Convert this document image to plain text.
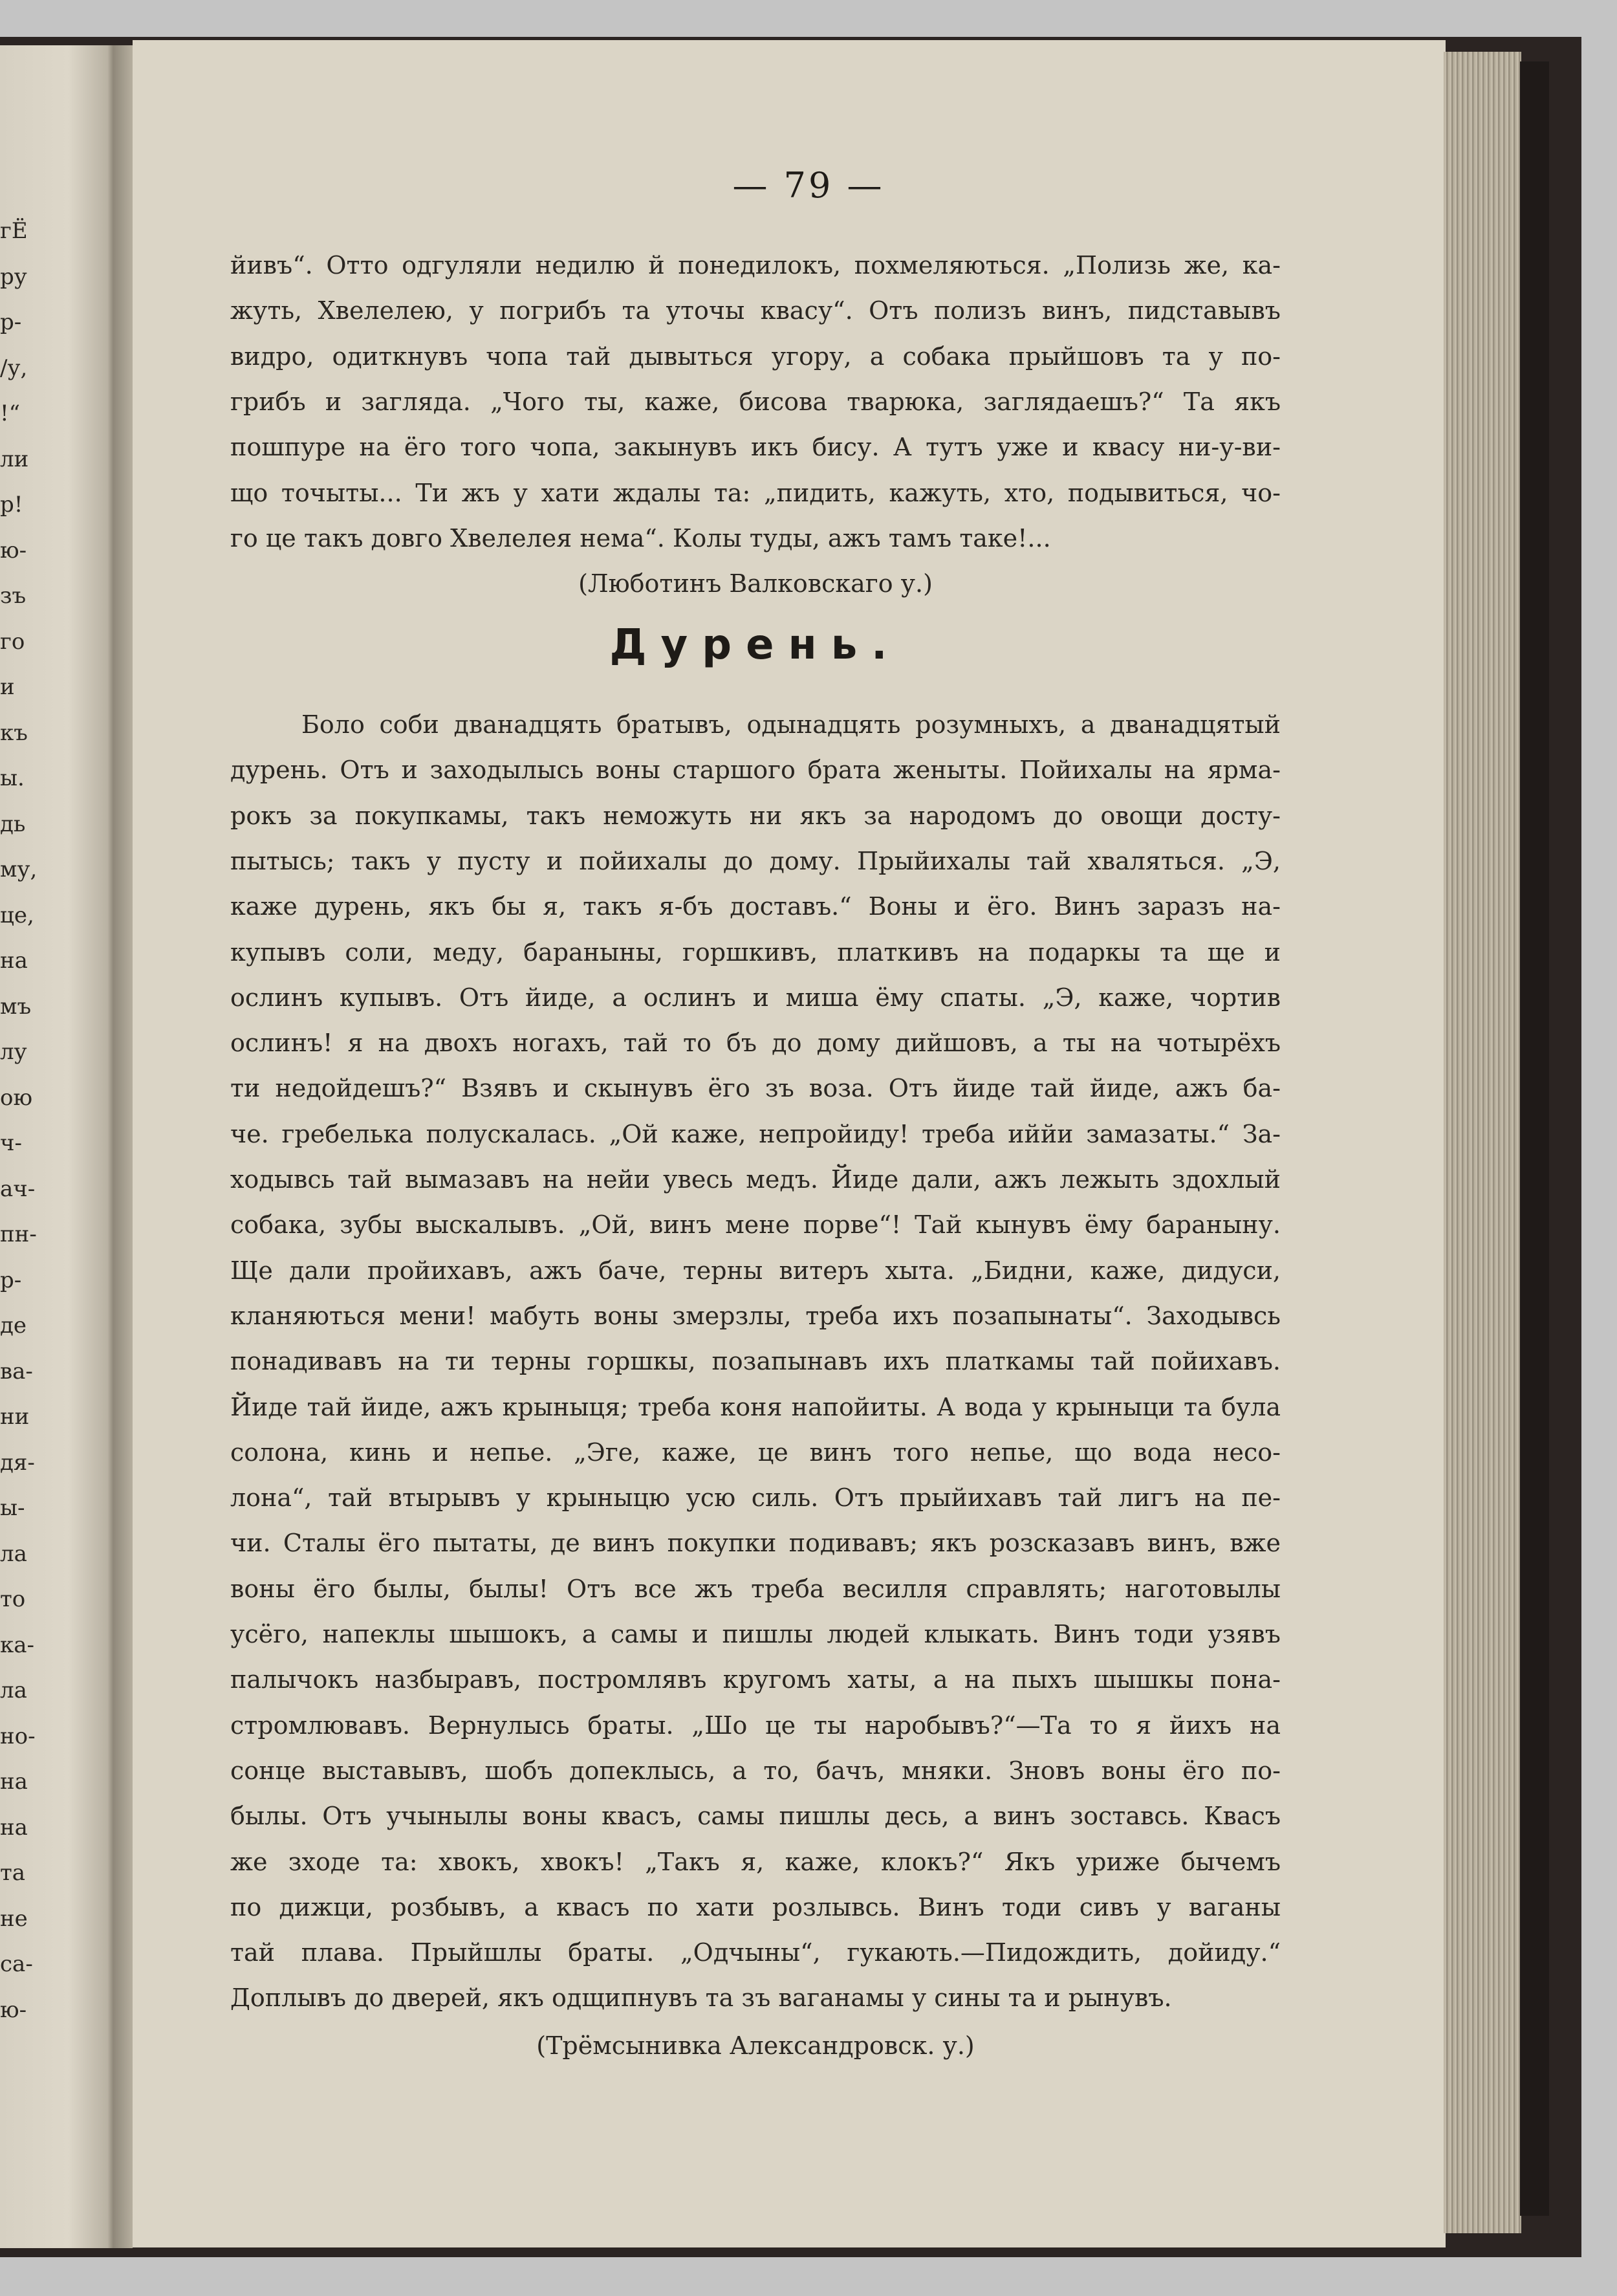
гЁ
ру
р-
/у,
!“
ли
р!
ю-
зъ
го
и
къ
ы.
дь
му,
це,
на
мъ
лу
ою
ч-
ач-
пн-
р-
де
ва-
ни
дя-
ы-
ла
то
ка-
ла
но-
на
на
та
не
са-
ю-
— 79 —
йивъ“. Отто одгуляли недилю й понедилокъ, похмеляються. „Полизь же, ка-
жуть, Хвелелею, у погрибъ та уточы квасу“. Отъ полизъ винъ, пидставывъ
видро, одиткнувъ чопа тай дывыться угору, а собака прыйшовъ та у по-
грибъ и загляда. „Чого ты, каже, бисова тварюка, заглядаешъ?“ Та якъ
пошпуре на ёго того чопа, закынувъ икъ бису. А тутъ уже и квасу ни-у-ви-
що точыты... Ти жъ у хати ждалы та: „пидить, кажуть, хто, подывиться, чо-
го це такъ довго Хвелелея нема“. Колы туды, ажъ тамъ таке!...
(Люботинъ Валковскаго у.)
Дурень.
Боло соби дванадцять братывъ, одынадцять розумныхъ, а дванадцятый
дурень. Отъ и заходылысь воны старшого брата женыты. Пойихалы на ярма-
рокъ за покупкамы, такъ неможуть ни якъ за народомъ до овощи досту-
пытысь; такъ у пусту и пойихалы до дому. Прыйихалы тай хваляться. „Э,
каже дурень, якъ бы я, такъ я-бъ доставъ.“ Воны и ёго. Винъ заразъ на-
купывъ соли, меду, бараныны, горшкивъ, платкивъ на подаркы та ще и
ослинъ купывъ. Отъ йиде, а ослинъ и миша ёму спаты. „Э, каже, чортив
ослинъ! я на двохъ ногахъ, тай то бъ до дому дийшовъ, а ты на чотырёхъ
ти недойдешъ?“ Взявъ и скынувъ ёго зъ воза. Отъ йиде тай йиде, ажъ ба-
че. гребелька полускалась. „Ой каже, непройиду! треба иййи замазаты.“ За-
ходывсь тай вымазавъ на нейи увесь медъ. Йиде дали, ажъ лежыть здохлый
собака, зубы выскалывъ. „Ой, винъ мене порве“! Тай кынувъ ёму бараныну.
Ще дали пройихавъ, ажъ баче, терны витеръ хыта. „Бидни, каже, дидуси,
кланяються мени! мабуть воны змерзлы, треба ихъ позапынаты“. Заходывсь
понадивавъ на ти терны горшкы, позапынавъ ихъ платкамы тай пойихавъ.
Йиде тай йиде, ажъ крыныця; треба коня напойиты. А вода у крыныци та була
солона, кинь и непье. „Эге, каже, це винъ того непье, що вода несо-
лона“, тай втырывъ у крыныцю усю силь. Отъ прыйихавъ тай лигъ на пе-
чи. Сталы ёго пытаты, де винъ покупки подивавъ; якъ розсказавъ винъ, вже
воны ёго былы, былы! Отъ все жъ треба весилля справлять; наготовылы
усёго, напеклы шышокъ, а самы и пишлы людей клыкать. Винъ тоди узявъ
палычокъ назбыравъ, постромлявъ кругомъ хаты, а на пыхъ шышкы пона-
стромлювавъ. Вернулысь браты. „Шо це ты наробывъ?“—Та то я йихъ на
сонце выставывъ, шобъ допеклысь, а то, бачъ, мняки. Зновъ воны ёго по-
былы. Отъ учынылы воны квасъ, самы пишлы десь, а винъ зоставсь. Квасъ
же зходе та: хвокъ, хвокъ! „Такъ я, каже, клокъ?“ Якъ уриже бычемъ
по дижци, розбывъ, а квасъ по хати розлывсь. Винъ тоди сивъ у ваганы
тай плава. Прыйшлы браты. „Одчыны“, гукають.—Пидождить, дойиду.“
Доплывъ до дверей, якъ одщипнувъ та зъ ваганамы у сины та и рынувъ.
(Трёмсынивка Александровск. у.)
